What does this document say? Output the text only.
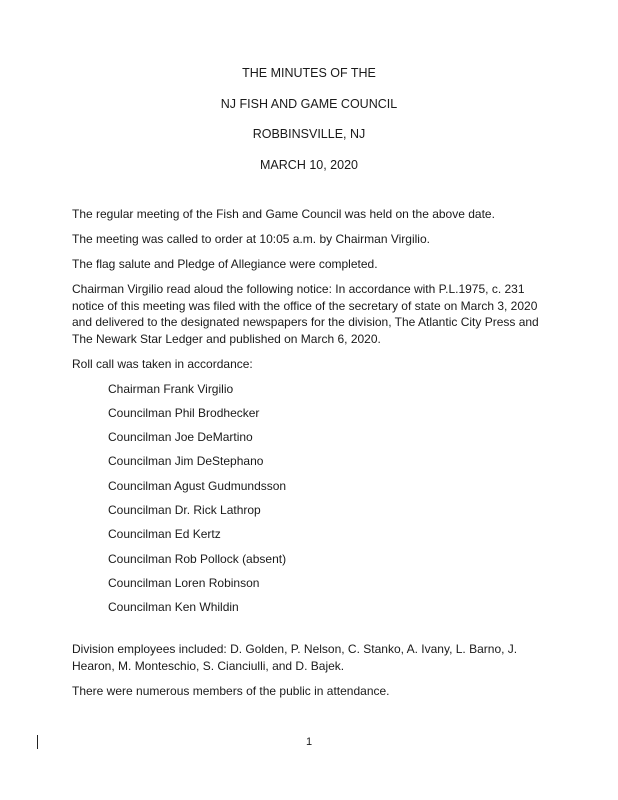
THE MINUTES OF THE
NJ FISH AND GAME COUNCIL
ROBBINSVILLE, NJ
MARCH 10, 2020

The regular meeting of the Fish and Game Council was held on the above date.

The meeting was called to order at 10:05 a.m. by Chairman Virgilio.

The flag salute and Pledge of Allegiance were completed.

Chairman Virgilio read aloud the following notice: In accordance with P.L.1975, c. 231 notice of this meeting was filed with the office of the secretary of state on March 3, 2020 and delivered to the designated newspapers for the division, The Atlantic City Press and The Newark Star Ledger and published on March 6, 2020.

Roll call was taken in accordance:

Chairman Frank Virgilio
Councilman Phil Brodhecker
Councilman Joe DeMartino
Councilman Jim DeStephano
Councilman Agust Gudmundsson
Councilman Dr. Rick Lathrop
Councilman Ed Kertz
Councilman Rob Pollock (absent)
Councilman Loren Robinson
Councilman Ken Whildin

Division employees included: D. Golden, P. Nelson, C. Stanko, A. Ivany, L. Barno, J. Hearon, M. Monteschio, S. Cianciulli, and D. Bajek.

There were numerous members of the public in attendance.

1
